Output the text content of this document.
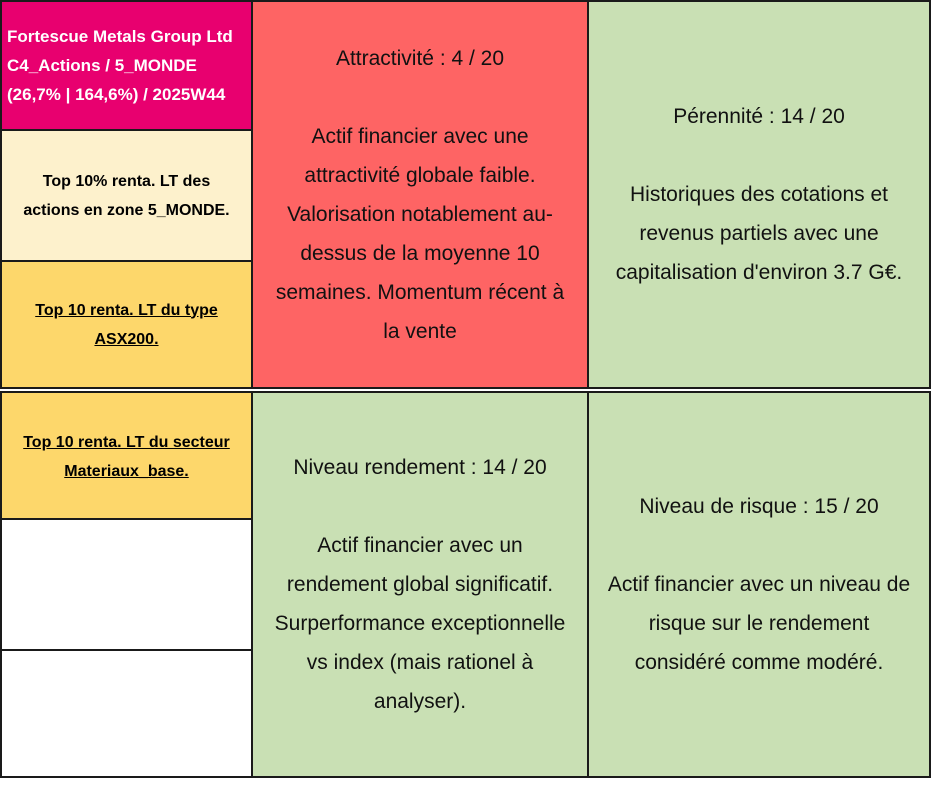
Fortescue Metals Group Ltd
C4_Actions / 5_MONDE
(26,7% | 164,6%) / 2025W44
Top 10% renta. LT des
actions en zone 5_MONDE.
Top 10 renta. LT du type
ASX200.
Top 10 renta. LT du secteur
Materiaux_base.
Attractivité : 4 / 20
Actif financier avec une
attractivité globale faible.
Valorisation notablement au-
dessus de la moyenne 10
semaines. Momentum récent à
la vente
Pérennité : 14 / 20
Historiques des cotations et
revenus partiels avec une
capitalisation d'environ 3.7 G€.
Niveau rendement : 14 / 20
Actif financier avec un
rendement global significatif.
Surperformance exceptionnelle
vs index (mais rationel à
analyser).
Niveau de risque : 15 / 20
Actif financier avec un niveau de
risque sur le rendement
considéré comme modéré.
